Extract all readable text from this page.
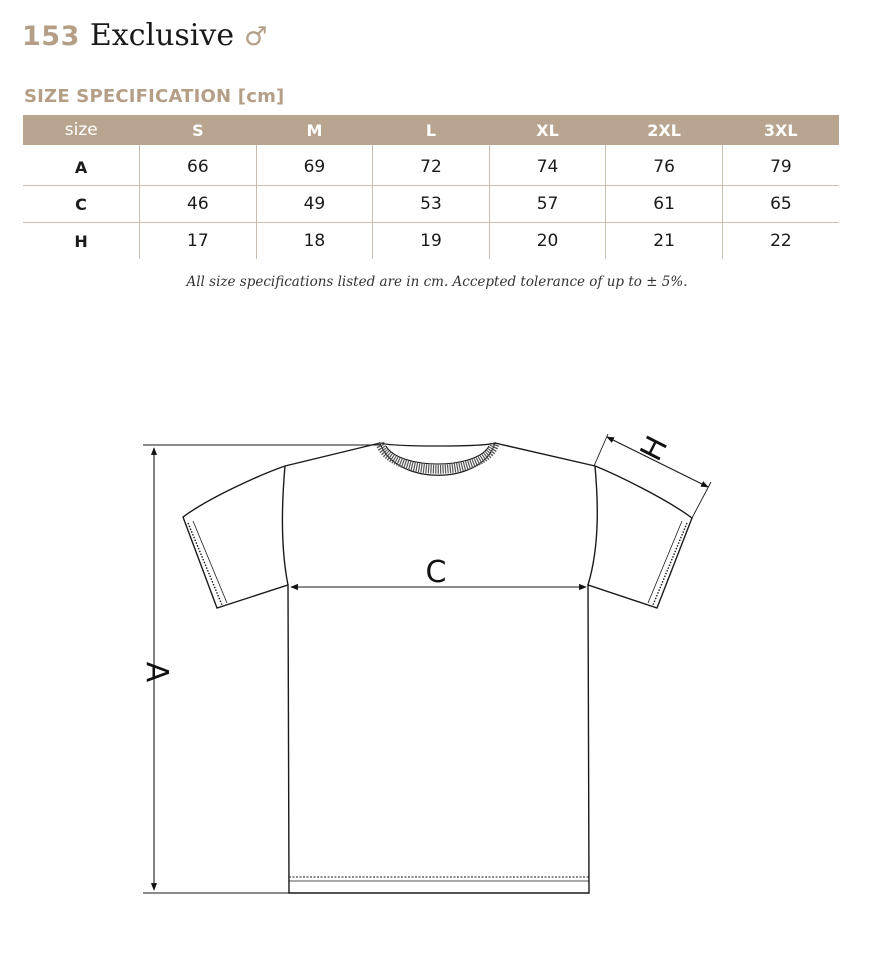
153 Exclusive ♂
SIZE SPECIFICATION [cm]
size	S	M	L	XL	2XL	3XL
A	66	69	72	74	76	79
C	46	49	53	57	61	65
H	17	18	19	20	21	22
All size specifications listed are in cm. Accepted tolerance of up to ± 5%.
A
C
H
